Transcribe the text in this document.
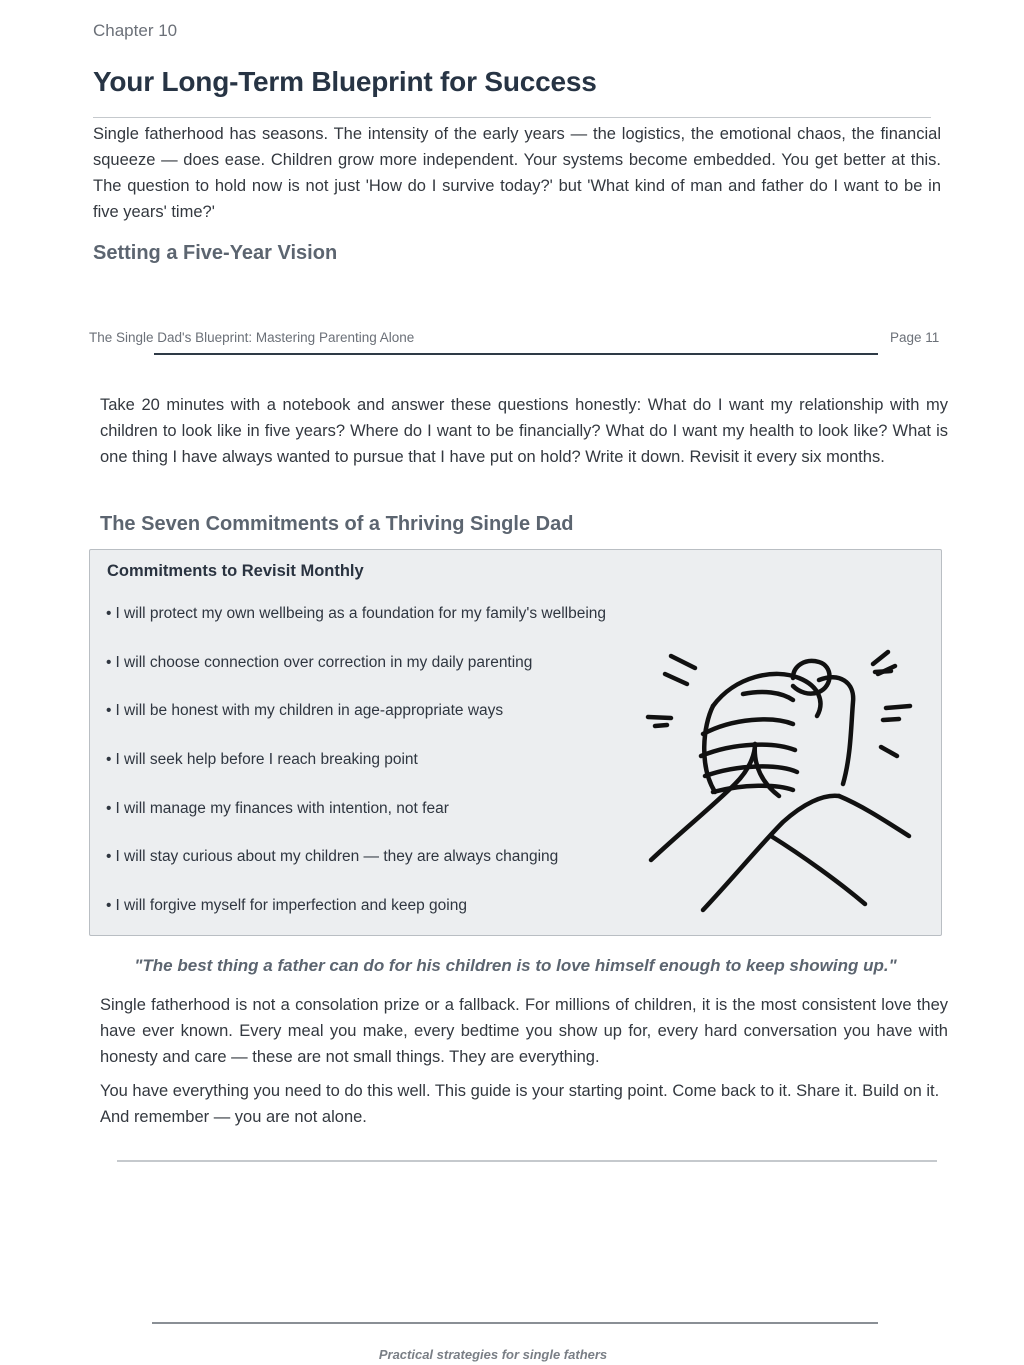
Chapter 10
Your Long-Term Blueprint for Success

Single fatherhood has seasons. The intensity of the early years — the logistics, the emotional chaos, the financial squeeze — does ease. Children grow more independent. Your systems become embedded. You get better at this. The question to hold now is not just 'How do I survive today?' but 'What kind of man and father do I want to be in five years' time?'

Setting a Five-Year Vision
The Single Dad's Blueprint: Mastering Parenting Alone	Page 11

Take 20 minutes with a notebook and answer these questions honestly: What do I want my relationship with my children to look like in five years? Where do I want to be financially? What do I want my health to look like? What is one thing I have always wanted to pursue that I have put on hold? Write it down. Revisit it every six months.

The Seven Commitments of a Thriving Single Dad
Commitments to Revisit Monthly
• I will protect my own wellbeing as a foundation for my family's wellbeing
• I will choose connection over correction in my daily parenting
• I will be honest with my children in age-appropriate ways
• I will seek help before I reach breaking point
• I will manage my finances with intention, not fear
• I will stay curious about my children — they are always changing
• I will forgive myself for imperfection and keep going
"The best thing a father can do for his children is to love himself enough to keep showing up."

Single fatherhood is not a consolation prize or a fallback. For millions of children, it is the most consistent love they have ever known. Every meal you make, every bedtime you show up for, every hard conversation you have with honesty and care — these are not small things. They are everything.

You have everything you need to do this well. This guide is your starting point. Come back to it. Share it. Build on it. And remember — you are not alone.

Practical strategies for single fathers
